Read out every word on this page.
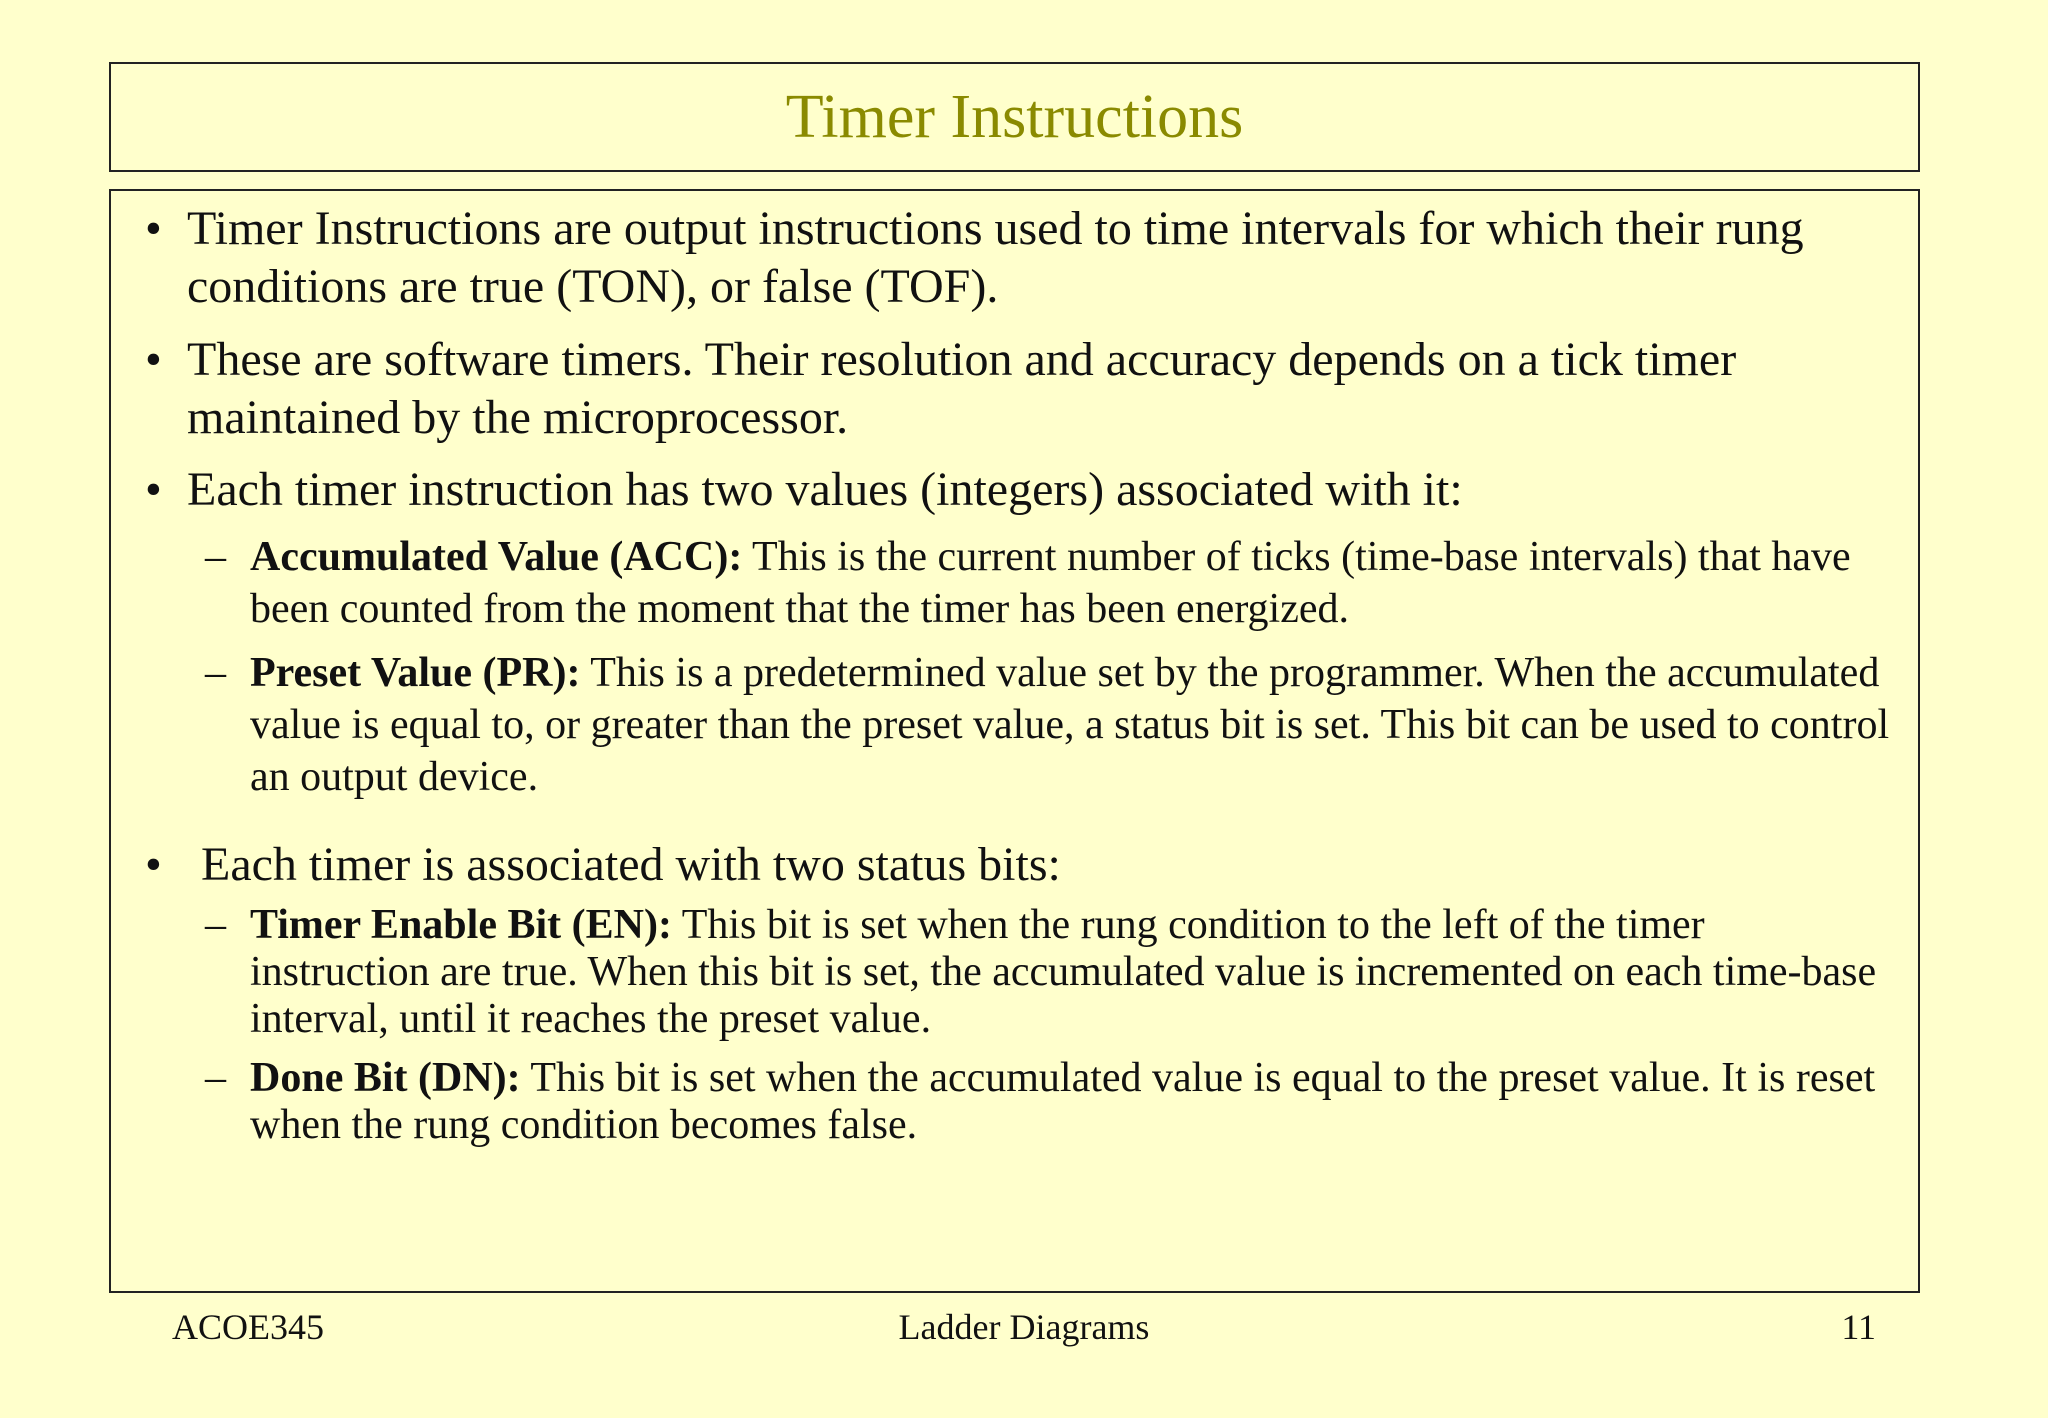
Timer Instructions
• Timer Instructions are output instructions used to time intervals for which their rung conditions are true (TON), or false (TOF).
• These are software timers. Their resolution and accuracy depends on a tick timer maintained by the microprocessor.
• Each timer instruction has two values (integers) associated with it:
– Accumulated Value (ACC): This is the current number of ticks (time-base intervals) that have been counted from the moment that the timer has been energized.
– Preset Value (PR): This is a predetermined value set by the programmer. When the accumulated value is equal to, or greater than the preset value, a status bit is set. This bit can be used to control an output device.
• Each timer is associated with two status bits:
– Timer Enable Bit (EN): This bit is set when the rung condition to the left of the timer instruction are true. When this bit is set, the accumulated value is incremented on each time-base interval, until it reaches the preset value.
– Done Bit (DN): This bit is set when the accumulated value is equal to the preset value. It is reset when the rung condition becomes false.
ACOE345	Ladder Diagrams	11
